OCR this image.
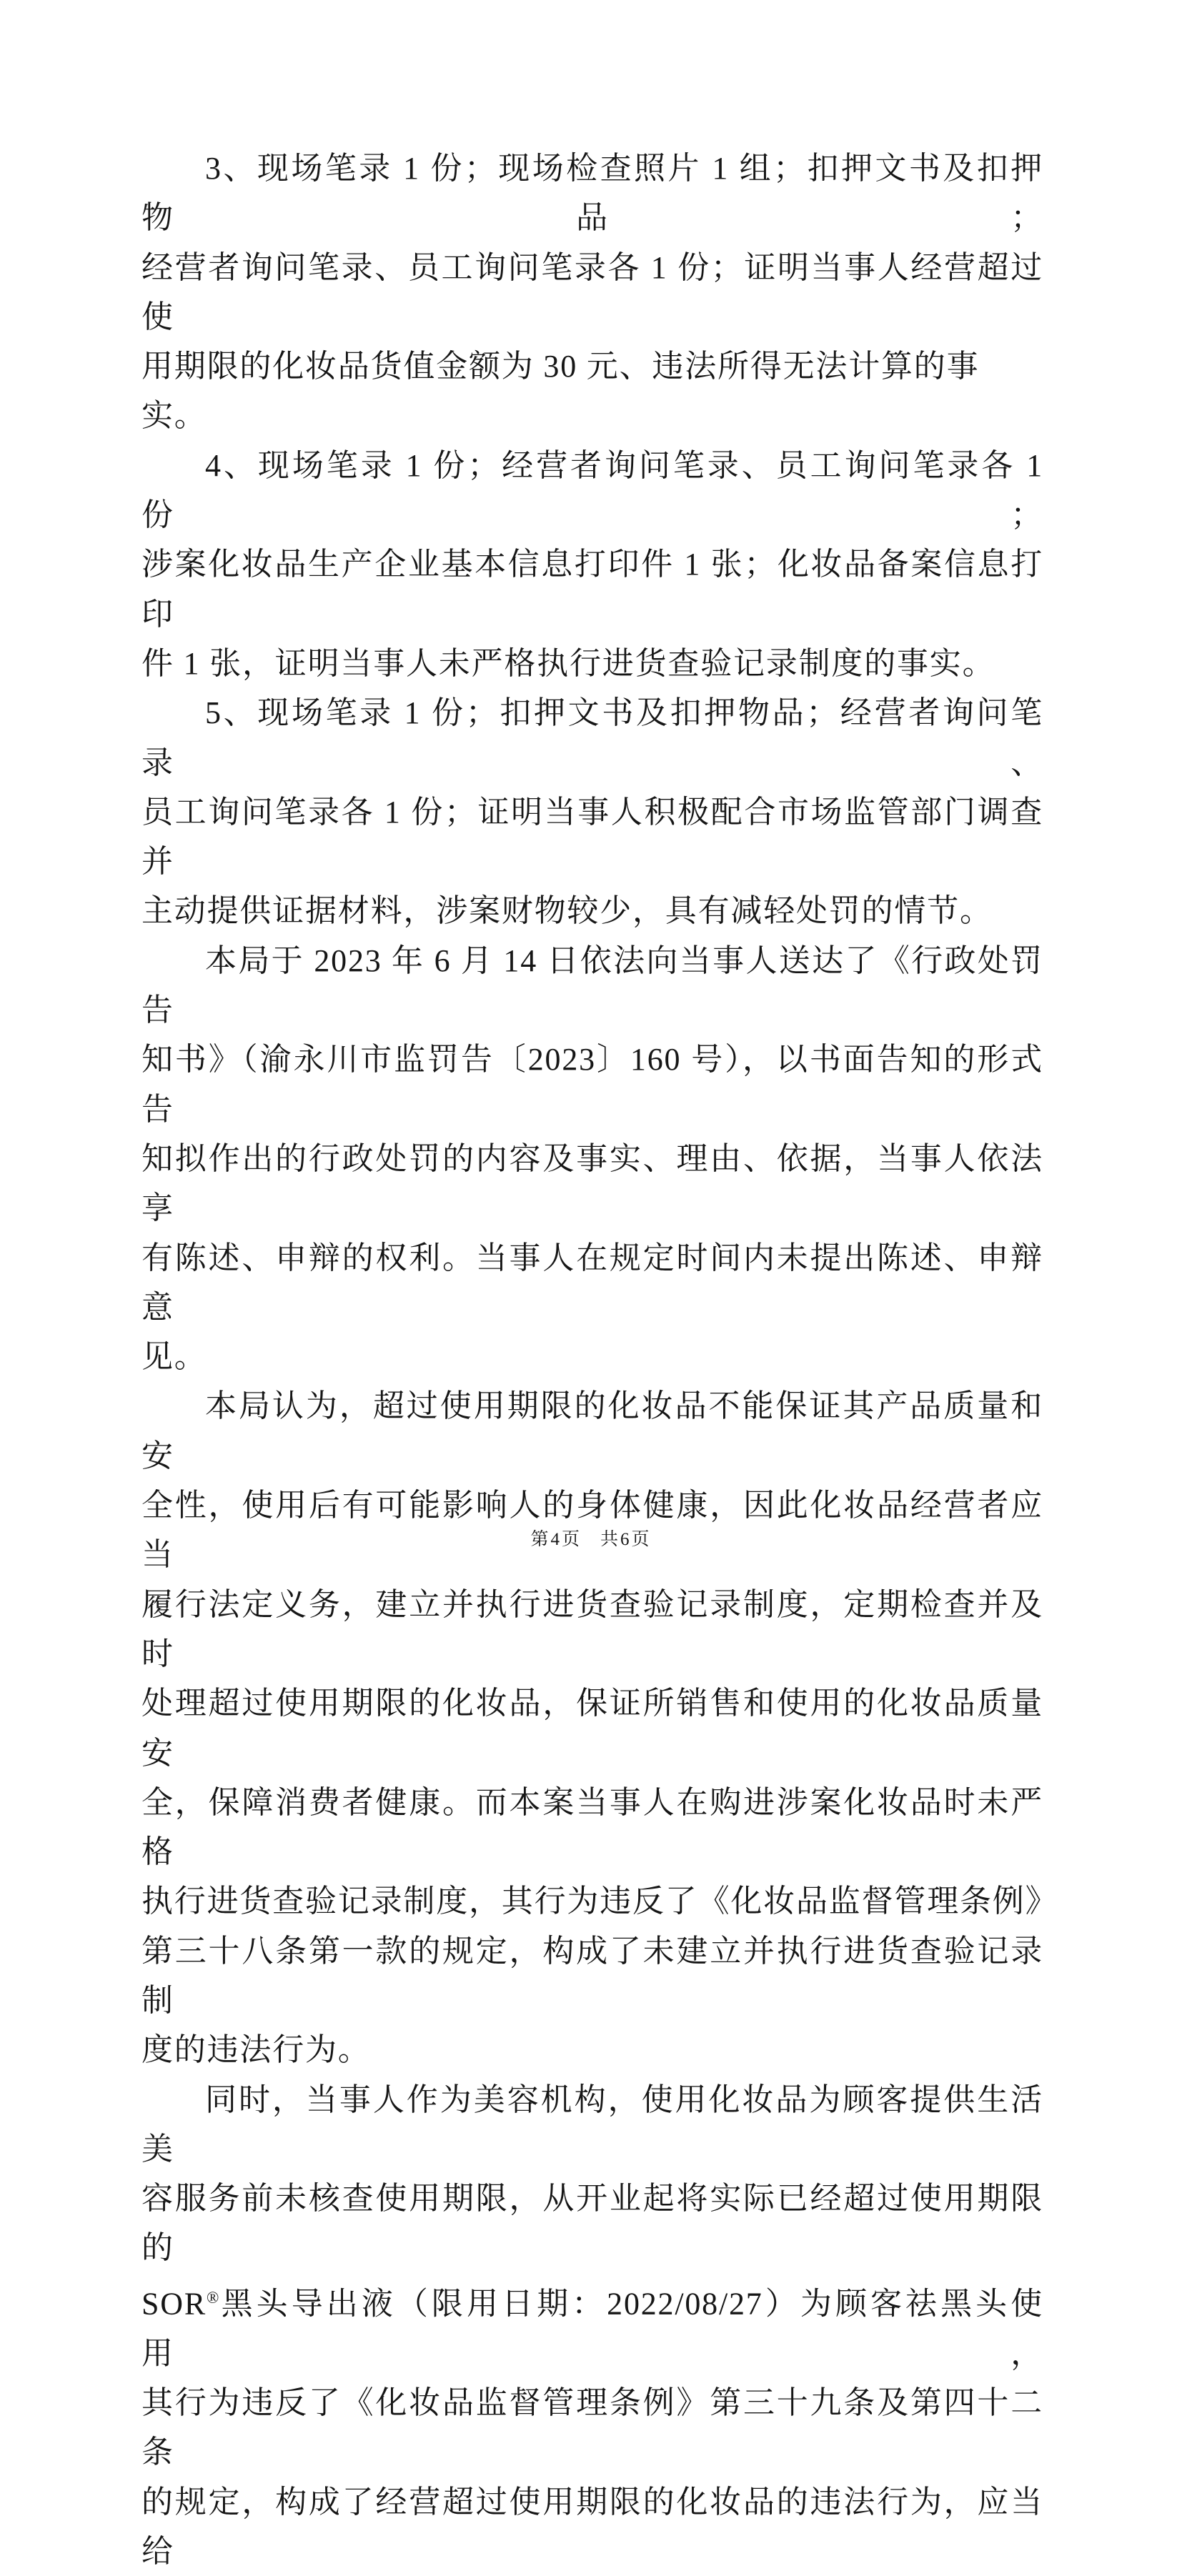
3、现场笔录 1 份；现场检查照片 1 组；扣押文书及扣押物品；
经营者询问笔录、员工询问笔录各 1 份；证明当事人经营超过使
用期限的化妆品货值金额为 30 元、违法所得无法计算的事实。
4、现场笔录 1 份；经营者询问笔录、员工询问笔录各 1 份；
涉案化妆品生产企业基本信息打印件 1 张；化妆品备案信息打印
件 1 张，证明当事人未严格执行进货查验记录制度的事实。
5、现场笔录 1 份；扣押文书及扣押物品；经营者询问笔录、
员工询问笔录各 1 份；证明当事人积极配合市场监管部门调查并
主动提供证据材料，涉案财物较少，具有减轻处罚的情节。
本局于 2023 年 6 月 14 日依法向当事人送达了《行政处罚告
知书》（渝永川市监罚告〔2023〕160 号），以书面告知的形式告
知拟作出的行政处罚的内容及事实、理由、依据，当事人依法享
有陈述、申辩的权利。当事人在规定时间内未提出陈述、申辩意
见。
本局认为，超过使用期限的化妆品不能保证其产品质量和安
全性，使用后有可能影响人的身体健康，因此化妆品经营者应当
履行法定义务，建立并执行进货查验记录制度，定期检查并及时
处理超过使用期限的化妆品，保证所销售和使用的化妆品质量安
全，保障消费者健康。而本案当事人在购进涉案化妆品时未严格
执行进货查验记录制度，其行为违反了《化妆品监督管理条例》
第三十八条第一款的规定，构成了未建立并执行进货查验记录制
度的违法行为。
同时，当事人作为美容机构，使用化妆品为顾客提供生活美
容服务前未核查使用期限，从开业起将实际已经超过使用期限的
SOR®黑头导出液（限用日期：2022/08/27）为顾客祛黑头使用，
其行为违反了《化妆品监督管理条例》第三十九条及第四十二条
的规定，构成了经营超过使用期限的化妆品的违法行为，应当给
第4页 共6页
